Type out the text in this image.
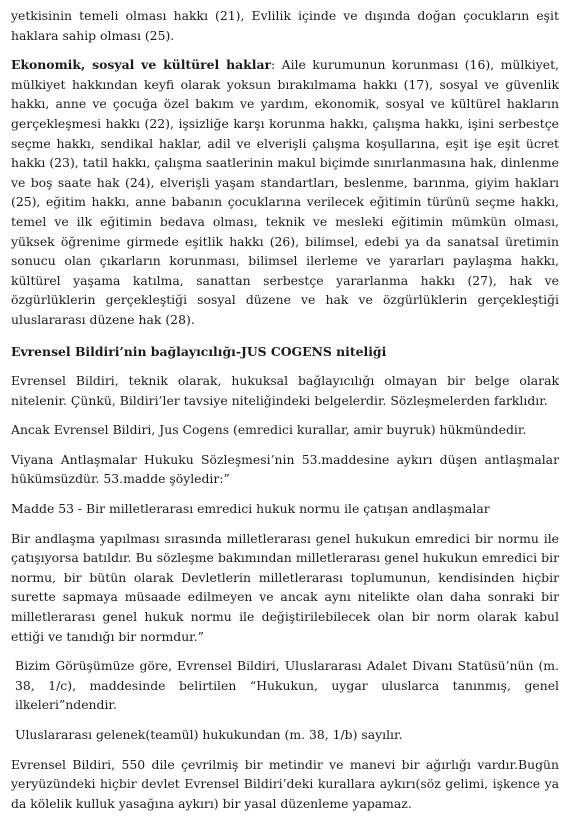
yetkisinin temeli olması hakkı (21), Evlilik içinde ve dışında doğan çocukların eşit haklara sahip olması (25).

Ekonomik, sosyal ve kültürel haklar: Aile kurumunun korunması (16), mülkiyet, mülkiyet hakkından keyfi olarak yoksun bırakılmama hakkı (17), sosyal ve güvenlik hakkı, anne ve çocuğa özel bakım ve yardım, ekonomik, sosyal ve kültürel hakların gerçekleşmesi hakkı (22), işsizliğe karşı korunma hakkı, çalışma hakkı, işini serbestçe seçme hakkı, sendikal haklar, adil ve elverişli çalışma koşullarına, eşit işe eşit ücret hakkı (23), tatil hakkı, çalışma saatlerinin makul biçimde sınırlanmasına hak, dinlenme ve boş saate hak (24), elverişli yaşam standartları, beslenme, barınma, giyim hakları (25), eğitim hakkı, anne babanın çocuklarına verilecek eğitimin türünü seçme hakkı, temel ve ilk eğitimin bedava olması, teknik ve mesleki eğitimin mümkün olması, yüksek öğrenime girmede eşitlik hakkı (26), bilimsel, edebi ya da sanatsal üretimin sonucu olan çıkarların korunması, bilimsel ilerleme ve yararları paylaşma hakkı, kültürel yaşama katılma, sanattan serbestçe yararlanma hakkı (27), hak ve özgürlüklerin gerçekleştiği sosyal düzene ve hak ve özgürlüklerin gerçekleştiği uluslararası düzene hak (28).

Evrensel Bildiri’nin bağlayıcılığı-JUS COGENS niteliği

Evrensel Bildiri, teknik olarak, hukuksal bağlayıcılığı olmayan bir belge olarak nitelenir. Çünkü, Bildiri’ler tavsiye niteliğindeki belgelerdir. Sözleşmelerden farklıdır.

Ancak Evrensel Bildiri, Jus Cogens (emredici kurallar, amir buyruk) hükmündedir.

Viyana Antlaşmalar Hukuku Sözleşmesi’nin 53.maddesine aykırı düşen antlaşmalar hükümsüzdür. 53.madde şöyledir:”

Madde 53 - Bir milletlerarası emredici hukuk normu ile çatışan andlaşmalar

Bir andlaşma yapılması sırasında milletlerarası genel hukukun emredici bir normu ile çatışıyorsa batıldır. Bu sözleşme bakımından milletlerarası genel hukukun emredici bir normu, bir bütün olarak Devletlerin milletlerarası toplumunun, kendisinden hiçbir surette sapmaya müsaade edilmeyen ve ancak aynı nitelikte olan daha sonraki bir milletlerarası genel hukuk normu ile değiştirilebilecek olan bir norm olarak kabul ettiği ve tanıdığı bir normdur.”

Bizim Görüşümüze göre, Evrensel Bildiri, Uluslararası Adalet Divanı Statüsü’nün (m. 38, 1/c), maddesinde belirtilen “Hukukun, uygar uluslarca tanınmış, genel ilkeleri”ndendir.

Uluslararası gelenek(teamül) hukukundan (m. 38, 1/b) sayılır.

Evrensel Bildiri, 550 dile çevrilmiş bir metindir ve manevi bir ağırlığı vardır.Bugün yeryüzündeki hiçbir devlet Evrensel Bildiri’deki kurallara aykırı(söz gelimi, işkence ya da kölelik kulluk yasağına aykırı) bir yasal düzenleme yapamaz.
